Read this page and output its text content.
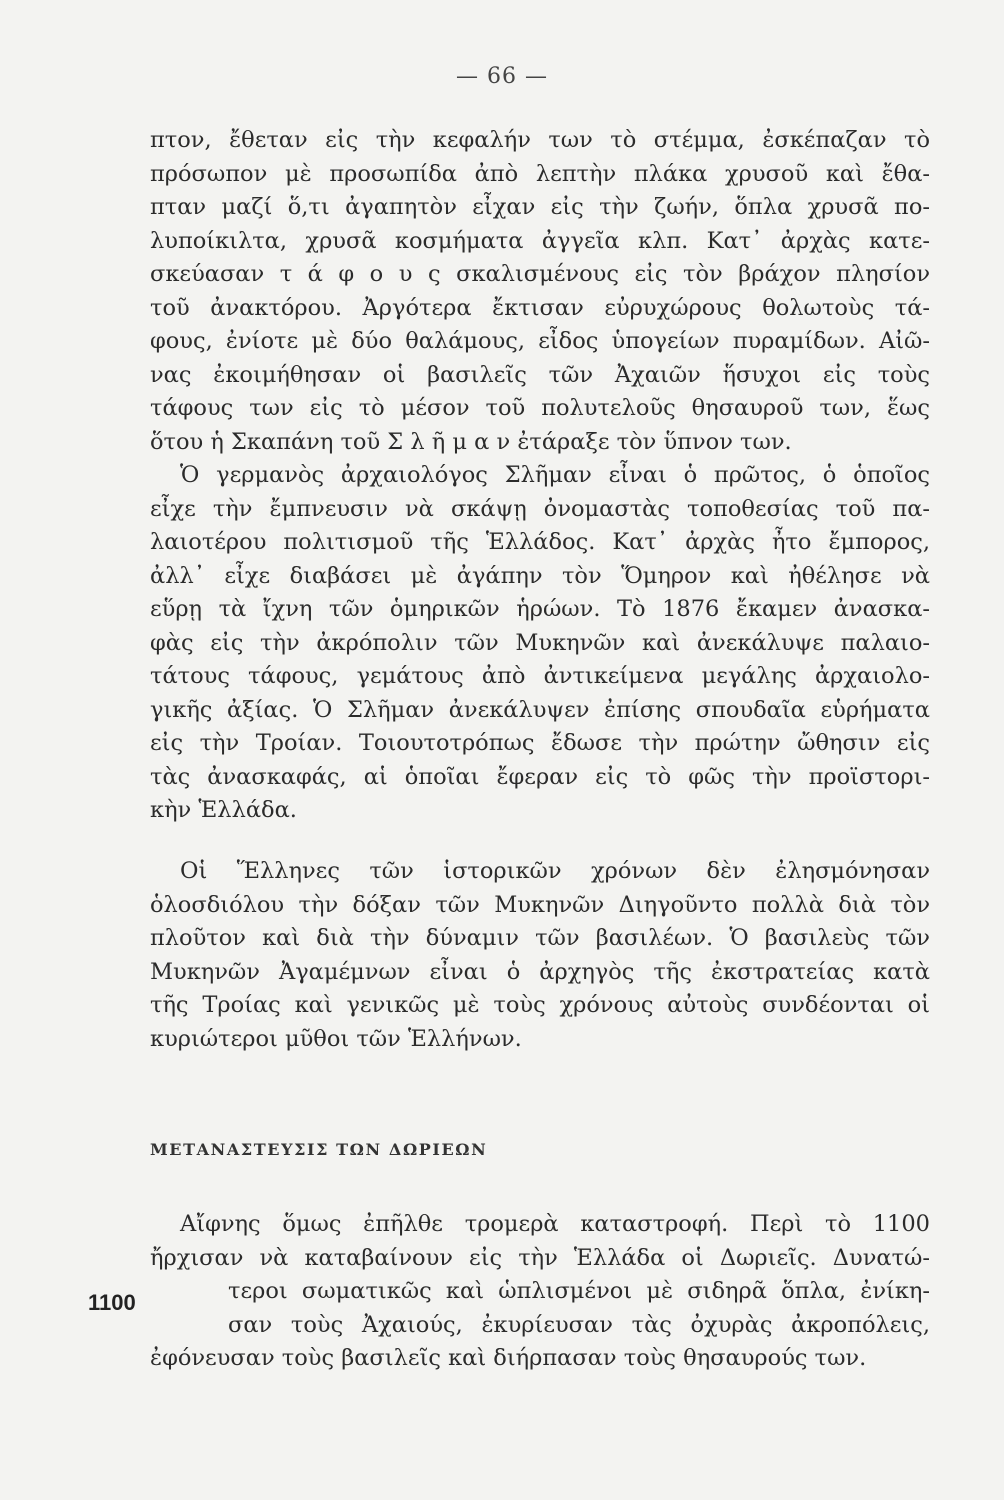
— 66 —
πτον, ἔθεταν εἰς τὴν κεφαλήν των τὸ στέμμα, ἐσκέπαζαν τὸ
πρόσωπον μὲ προσωπίδα ἀπὸ λεπτὴν πλάκα χρυσοῦ καὶ ἔθα-
πταν μαζί ὅ,τι ἀγαπητὸν εἶχαν εἰς τὴν ζωήν, ὅπλα χρυσᾶ πο-
λυποίκιλτα, χρυσᾶ κοσμήματα ἀγγεῖα κλπ. Κατ᾽ ἀρχὰς κατε-
σκεύασαν τ ά φ ο υ ς σκαλισμένους εἰς τὸν βράχον πλησίον
τοῦ ἀνακτόρου. Ἀργότερα ἔκτισαν εὐρυχώρους θολωτοὺς τά-
φους, ἐνίοτε μὲ δύο θαλάμους, εἶδος ὑπογείων πυραμίδων. Αἰῶ-
νας ἐκοιμήθησαν οἱ βασιλεῖς τῶν Ἀχαιῶν ἥσυχοι εἰς τοὺς
τάφους των εἰς τὸ μέσον τοῦ πολυτελοῦς θησαυροῦ των, ἕως
ὅτου ἡ Σκαπάνη τοῦ Σ λ ῆ μ α ν ἐτάραξε τὸν ὕπνον των.
Ὁ γερμανὸς ἀρχαιολόγος Σλῆμαν εἶναι ὁ πρῶτος, ὁ ὁποῖος
εἶχε τὴν ἔμπνευσιν νὰ σκάψῃ ὀνομαστὰς τοποθεσίας τοῦ πα-
λαιοτέρου πολιτισμοῦ τῆς Ἑλλάδος. Κατ᾽ ἀρχὰς ἦτο ἔμπορος,
ἀλλ᾽ εἶχε διαβάσει μὲ ἀγάπην τὸν Ὅμηρον καὶ ἠθέλησε νὰ
εὕρῃ τὰ ἴχνη τῶν ὁμηρικῶν ἡρώων. Τὸ 1876 ἔκαμεν ἀνασκα-
φὰς εἰς τὴν ἀκρόπολιν τῶν Μυκηνῶν καὶ ἀνεκάλυψε παλαιο-
τάτους τάφους, γεμάτους ἀπὸ ἀντικείμενα μεγάλης ἀρχαιολο-
γικῆς ἀξίας. Ὁ Σλῆμαν ἀνεκάλυψεν ἐπίσης σπουδαῖα εὑρήματα
εἰς τὴν Τροίαν. Τοιουτοτρόπως ἔδωσε τὴν πρώτην ὤθησιν εἰς
τὰς ἀνασκαφάς, αἱ ὁποῖαι ἔφεραν εἰς τὸ φῶς τὴν προϊστορι-
κὴν Ἑλλάδα.
Οἱ Ἕλληνες τῶν ἱστορικῶν χρόνων δὲν ἐλησμόνησαν
ὁλοσδιόλου τὴν δόξαν τῶν Μυκηνῶν Διηγοῦντο πολλὰ διὰ τὸν
πλοῦτον καὶ διὰ τὴν δύναμιν τῶν βασιλέων. Ὁ βασιλεὺς τῶν
Μυκηνῶν Ἀγαμέμνων εἶναι ὁ ἀρχηγὸς τῆς ἐκστρατείας κατὰ
τῆς Τροίας καὶ γενικῶς μὲ τοὺς χρόνους αὐτοὺς συνδέονται οἱ
κυριώτεροι μῦθοι τῶν Ἑλλήνων.
ΜΕΤΑΝΑΣΤΕΥΣΙΣ ΤΩΝ ΔΩΡΙΕΩΝ
1100
Αἴφνης ὅμως ἐπῆλθε τρομερὰ καταστροφή. Περὶ τὸ 1100
ἤρχισαν νὰ καταβαίνουν εἰς τὴν Ἑλλάδα οἱ Δωριεῖς. Δυνατώ-
τεροι σωματικῶς καὶ ὡπλισμένοι μὲ σιδηρᾶ ὅπλα, ἐνίκη-
σαν τοὺς Ἀχαιούς, ἐκυρίευσαν τὰς ὀχυρὰς ἀκροπόλεις,
ἐφόνευσαν τοὺς βασιλεῖς καὶ διήρπασαν τοὺς θησαυρούς των.
